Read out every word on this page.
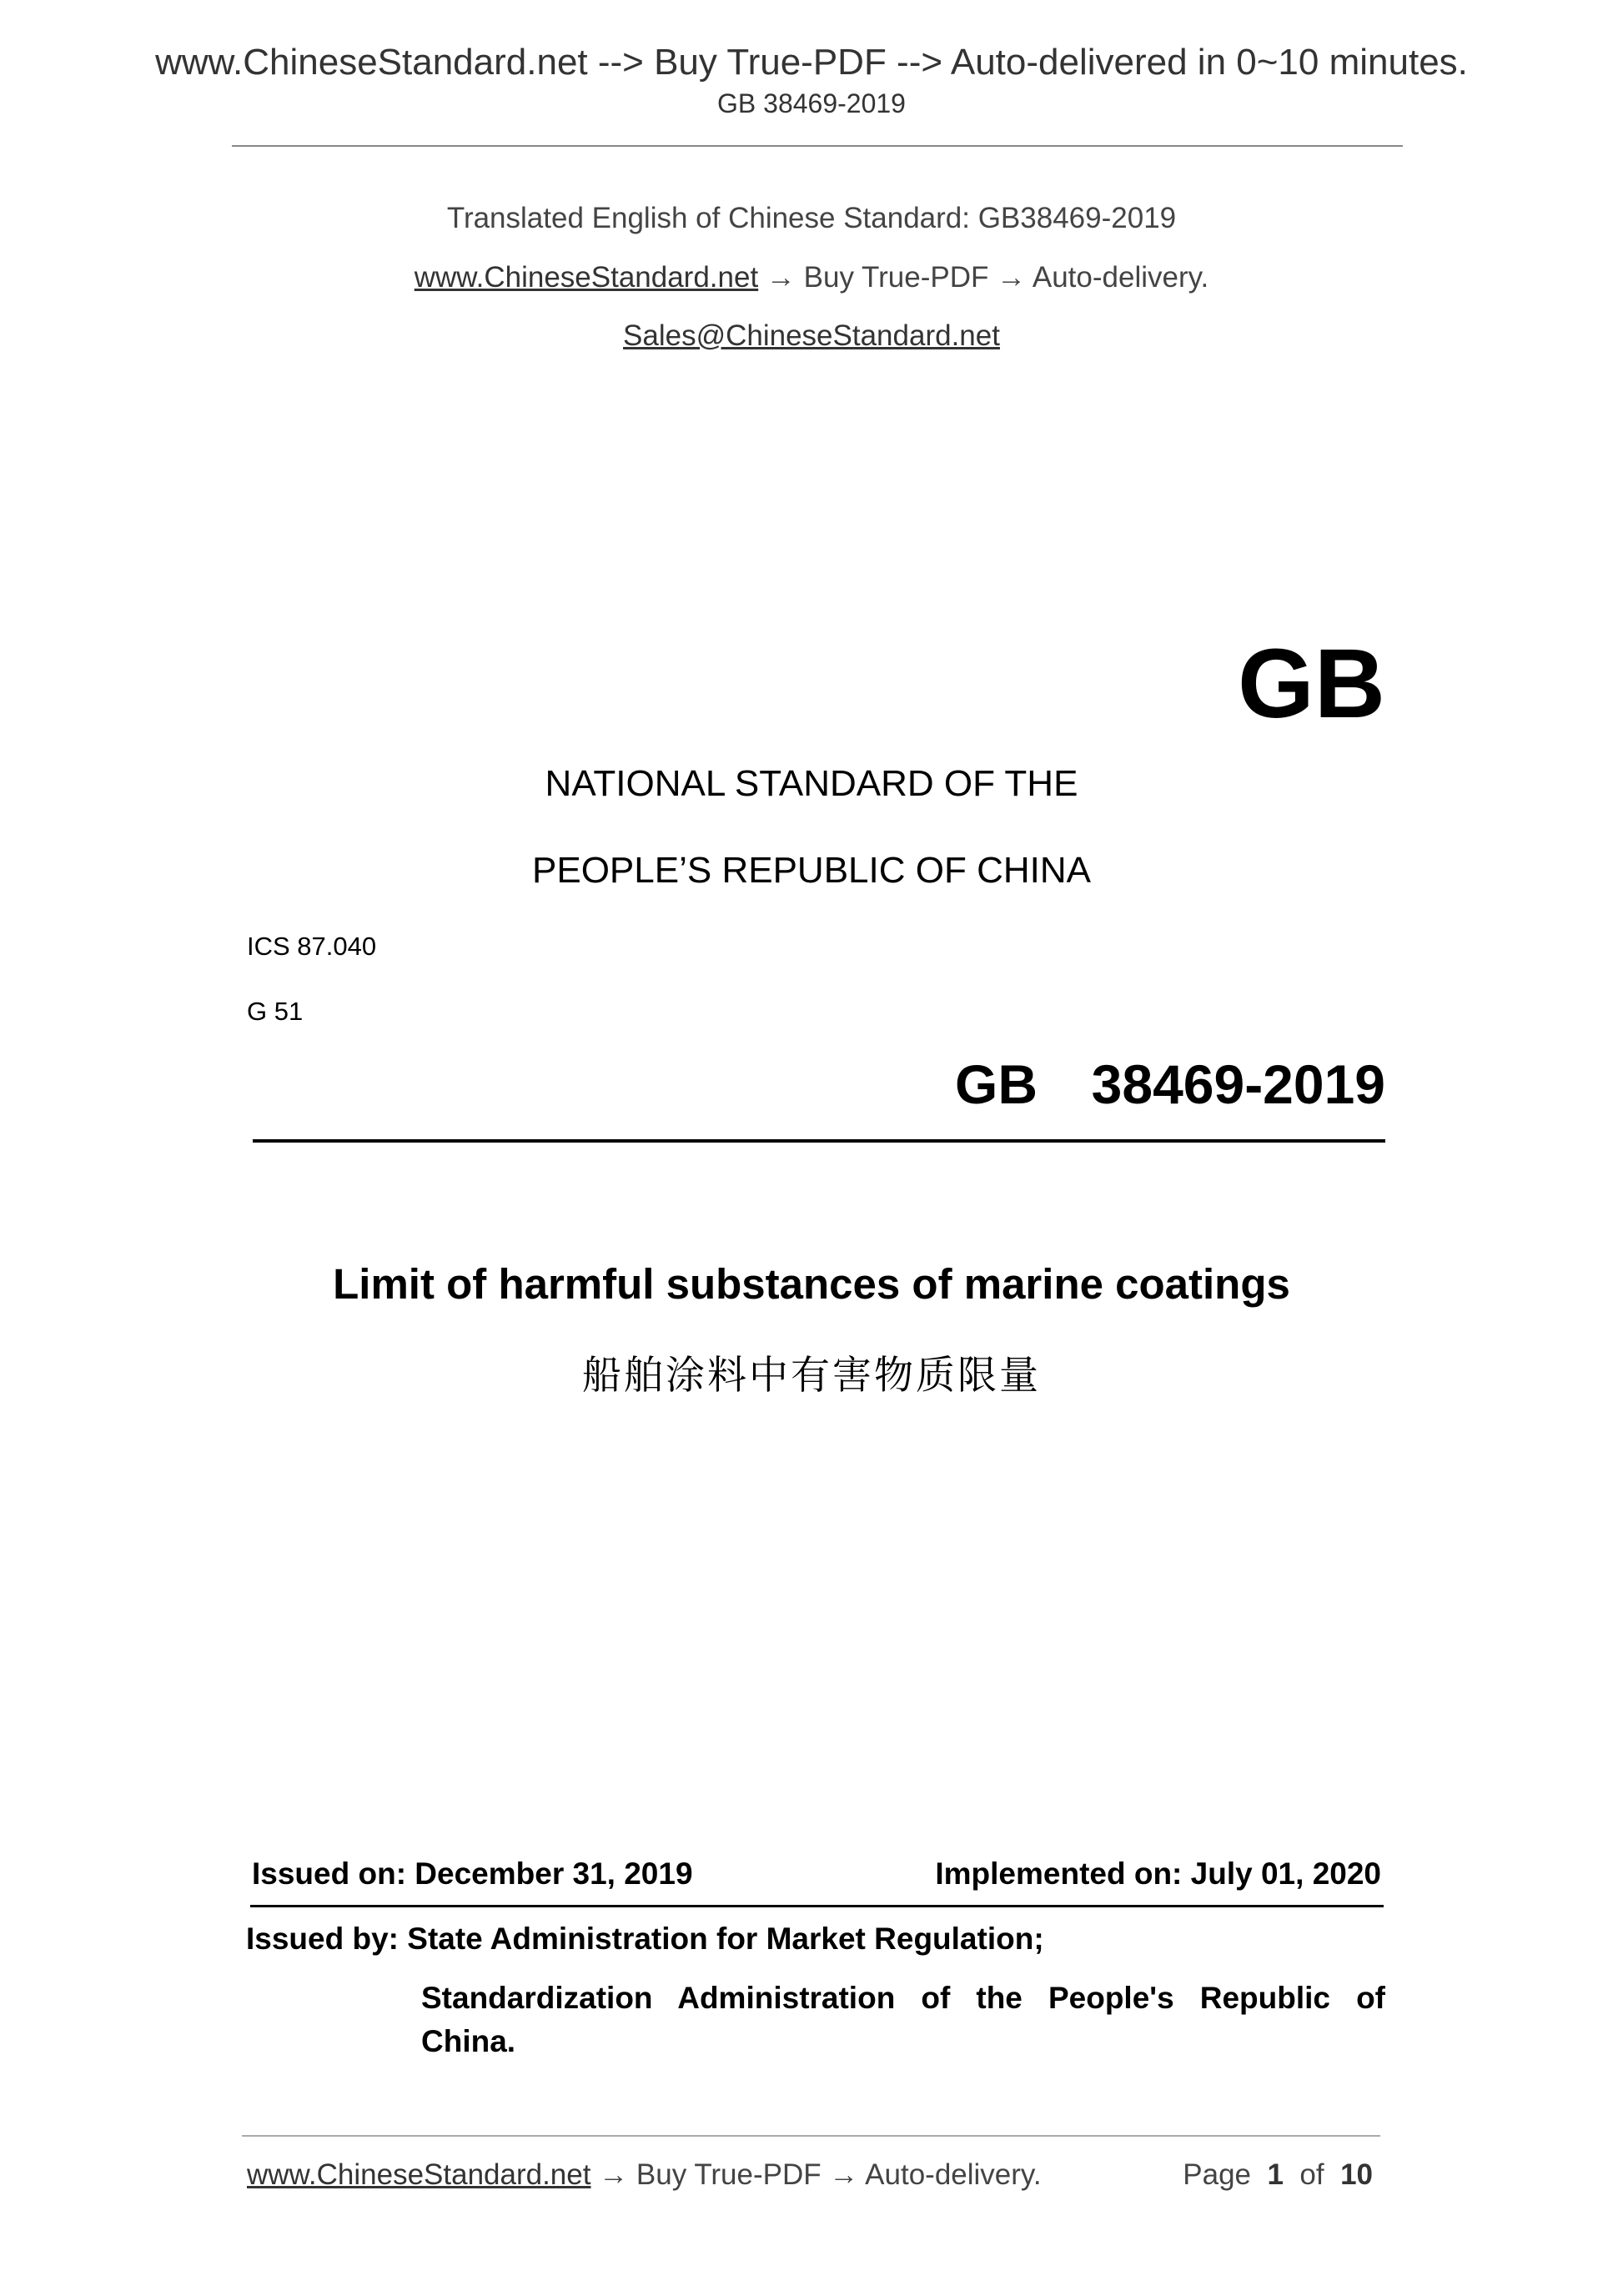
www.ChineseStandard.net --> Buy True-PDF --> Auto-delivered in 0~10 minutes.
GB 38469-2019
Translated English of Chinese Standard: GB38469-2019
www.ChineseStandard.net → Buy True-PDF → Auto-delivery.
Sales@ChineseStandard.net
GB
NATIONAL STANDARD OF THE
PEOPLE’S REPUBLIC OF CHINA
ICS 87.040
G 51
GB  38469-2019
Limit of harmful substances of marine coatings
船舶涂料中有害物质限量
Issued on: December 31, 2019	Implemented on: July 01, 2020
Issued by: State Administration for Market Regulation;
Standardization Administration of the People's Republic of
China.
www.ChineseStandard.net → Buy True-PDF → Auto-delivery.	Page 1 of 10
